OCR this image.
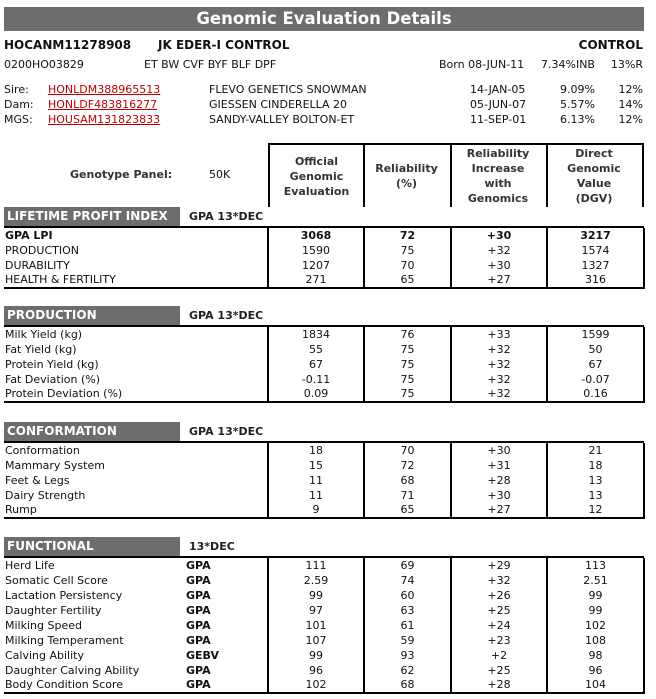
Genomic Evaluation Details
HOCANM11278908 JK EDER-I CONTROL	CONTROL
0200HO03829	ET BW CVF BYF BLF DPF	Born 08-JUN-11 7.34%INB 13%R
Sire: HONLDM388965513	FLEVO GENETICS SNOWMAN	14-JAN-05	9.09% 12%
Dam: HONLDF483816277	GIESSEN CINDERELLA 20	05-JUN-07	5.57% 14%
MGS: HOUSAM131823833	SANDY-VALLEY BOLTON-ET	11-SEP-01	6.13% 12%
Genotype Panel:	50K
Official Genomic Evaluation
Reliability (%)
Reliability Increase with Genomics
Direct Genomic Value (DGV)
LIFETIME PROFIT INDEX	GPA 13*DEC
GPA LPI		3068	72	+30	3217
PRODUCTION		1590	75	+32	1574
DURABILITY		1207	70	+30	1327
HEALTH & FERTILITY		271	65	+27	316
PRODUCTION	GPA 13*DEC
Milk Yield (kg)		1834	76	+33	1599
Fat Yield (kg)		55	75	+32	50
Protein Yield (kg)		67	75	+32	67
Fat Deviation (%)		-0.11	75	+32	-0.07
Protein Deviation (%)		0.09	75	+32	0.16
CONFORMATION	GPA 13*DEC
Conformation		18	70	+30	21
Mammary System		15	72	+31	18
Feet & Legs		11	68	+28	13
Dairy Strength		11	71	+30	13
Rump		9	65	+27	12
FUNCTIONAL	13*DEC
Herd Life	GPA	111	69	+29	113
Somatic Cell Score	GPA	2.59	74	+32	2.51
Lactation Persistency	GPA	99	60	+26	99
Daughter Fertility	GPA	97	63	+25	99
Milking Speed	GPA	101	61	+24	102
Milking Temperament	GPA	107	59	+23	108
Calving Ability	GEBV	99	93	+2	98
Daughter Calving Ability	GPA	96	62	+25	96
Body Condition Score	GPA	102	68	+28	104
